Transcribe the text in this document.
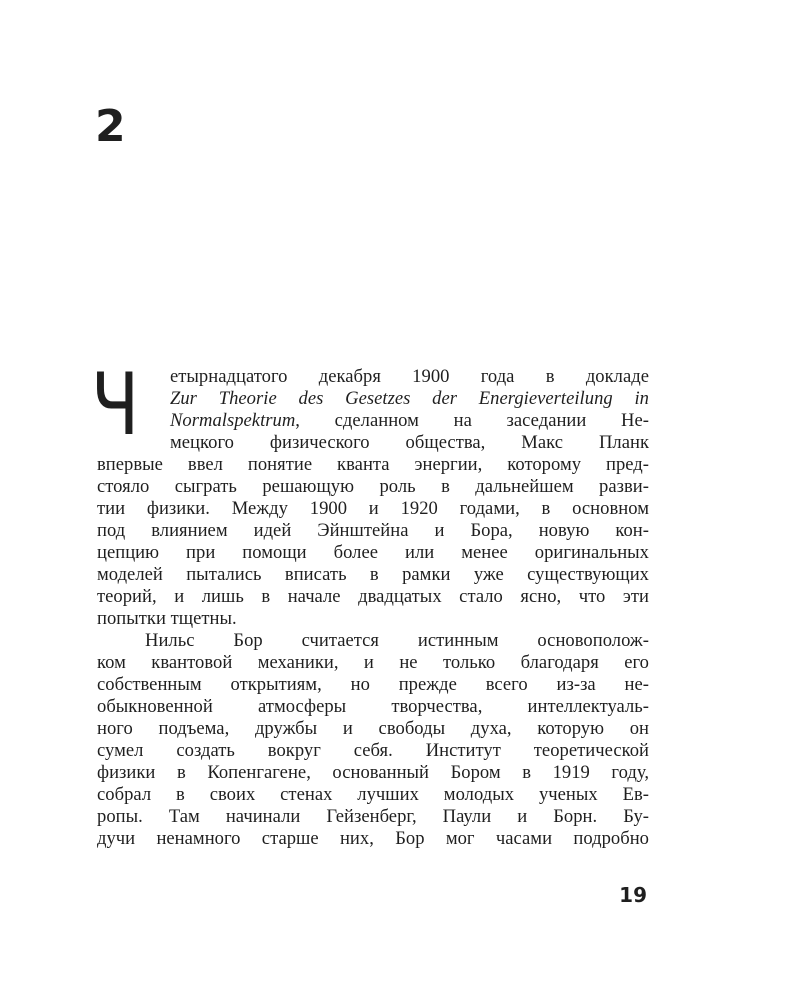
2
Ч	етырнадцатого декабря 1900 года в докладе
Zur Theorie des Gesetzes der Energieverteilung in
Normalspektrum, сделанном на заседании Не-
мецкого физического общества, Макс Планк
впервые ввел понятие кванта энергии, которому пред-
стояло сыграть решающую роль в дальнейшем разви-
тии физики. Между 1900 и 1920 годами, в основном
под влиянием идей Эйнштейна и Бора, новую кон-
цепцию при помощи более или менее оригинальных
моделей пытались вписать в рамки уже существующих
теорий, и лишь в начале двадцатых стало ясно, что эти
попытки тщетны.
Нильс Бор считается истинным основополож-
ком квантовой механики, и не только благодаря его
собственным открытиям, но прежде всего из-за не-
обыкновенной атмосферы творчества, интеллектуаль-
ного подъема, дружбы и свободы духа, которую он
сумел создать вокруг себя. Институт теоретической
физики в Копенгагене, основанный Бором в 1919 году,
собрал в своих стенах лучших молодых ученых Ев-
ропы. Там начинали Гейзенберг, Паули и Борн. Бу-
дучи ненамного старше них, Бор мог часами подробно
19
